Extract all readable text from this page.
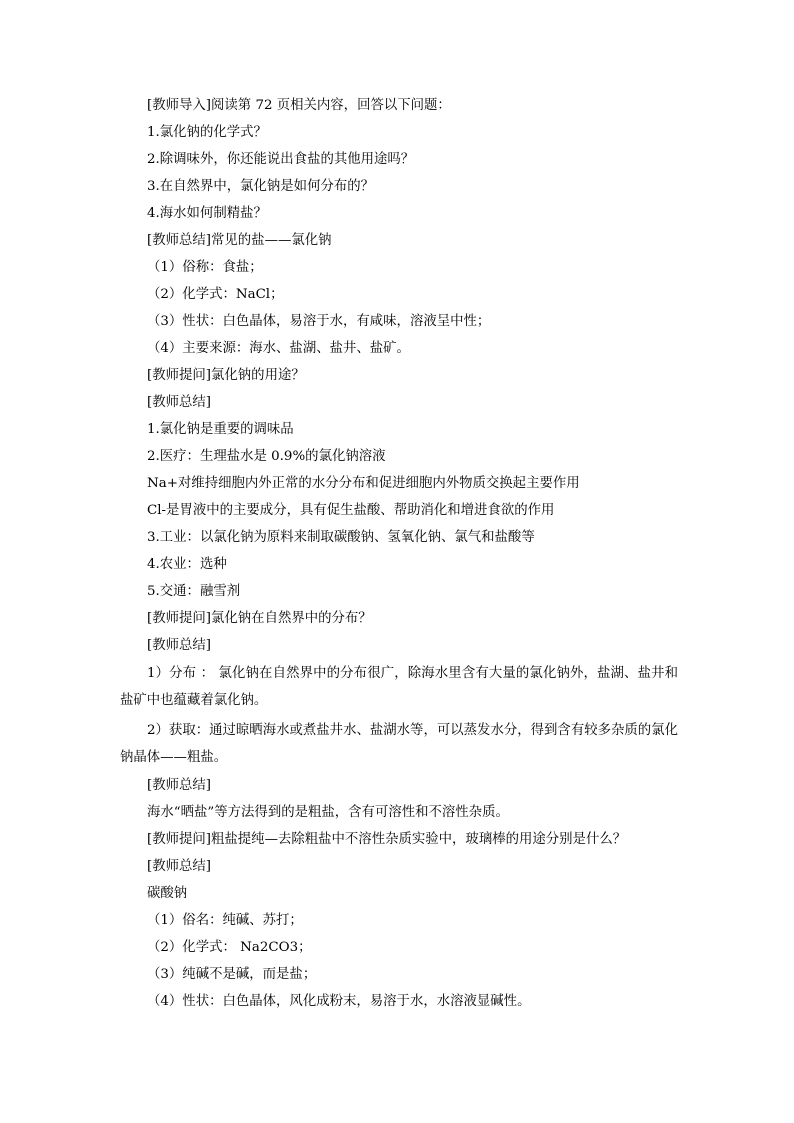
[教师导入]阅读第 72 页相关内容，回答以下问题：
1.氯化钠的化学式？
2.除调味外，你还能说出食盐的其他用途吗？
3.在自然界中，氯化钠是如何分布的？
4.海水如何制精盐？
[教师总结]常见的盐——氯化钠
（1）俗称：食盐；
（2）化学式：NaCl；
（3）性状：白色晶体，易溶于水，有咸味，溶液呈中性；
（4）主要来源：海水、盐湖、盐井、盐矿。
[教师提问]氯化钠的用途？
[教师总结]
1.氯化钠是重要的调味品
2.医疗：生理盐水是 0.9%的氯化钠溶液
Na+对维持细胞内外正常的水分分布和促进细胞内外物质交换起主要作用
Cl-是胃液中的主要成分，具有促生盐酸、帮助消化和增进食欲的作用
3.工业：以氯化钠为原料来制取碳酸钠、氢氧化钠、氯气和盐酸等
4.农业：选种
5.交通：融雪剂
[教师提问]氯化钠在自然界中的分布？
[教师总结]
1）分布 ： 氯化钠在自然界中的分布很广，除海水里含有大量的氯化钠外，盐湖、盐井和盐矿中也蕴藏着氯化钠。
2）获取：通过晾晒海水或煮盐井水、盐湖水等，可以蒸发水分，得到含有较多杂质的氯化钠晶体——粗盐。
[教师总结]
海水“晒盐”等方法得到的是粗盐，含有可溶性和不溶性杂质。
[教师提问]粗盐提纯—去除粗盐中不溶性杂质实验中，玻璃棒的用途分别是什么？
[教师总结]
碳酸钠
（1）俗名：纯碱、苏打；
（2）化学式： Na2CO3；
（3）纯碱不是碱，而是盐；
（4）性状：白色晶体，风化成粉末，易溶于水，水溶液显碱性。
